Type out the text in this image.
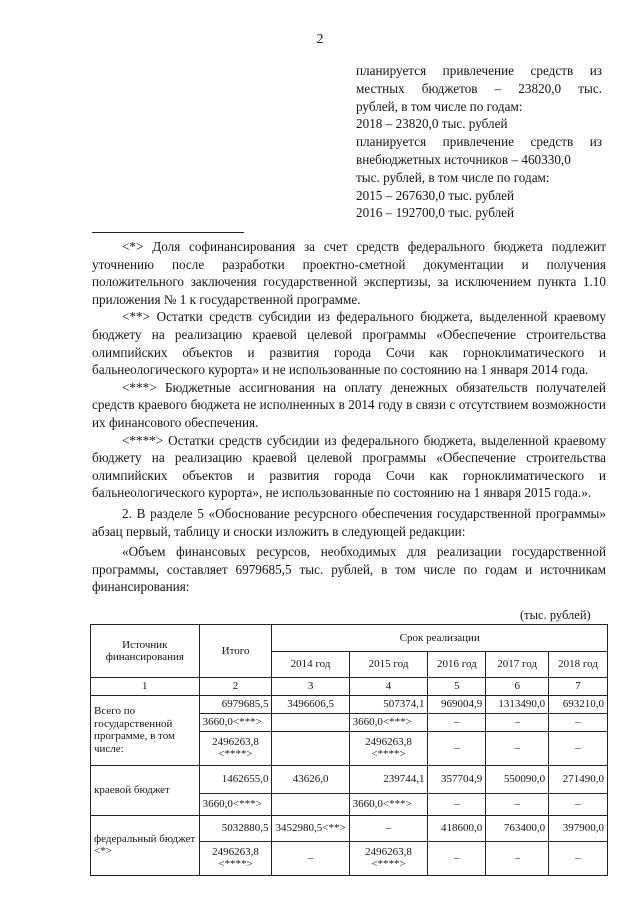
2
планируется привлечение средств из
местных бюджетов – 23820,0 тыс.
рублей, в том числе по годам:
2018 – 23820,0 тыс. рублей
планируется привлечение средств из
внебюджетных источников – 460330,0
тыс. рублей, в том числе по годам:
2015 – 267630,0 тыс. рублей
2016 – 192700,0 тыс. рублей

<*> Доля софинансирования за счет средств федерального бюджета подлежит уточнению после разработки проектно-сметной документации и получения положительного заключения государственной экспертизы, за исключением пункта 1.10 приложения № 1 к государственной программе.

<**> Остатки средств субсидии из федерального бюджета, выделенной краевому бюджету на реализацию краевой целевой программы «Обеспечение строительства олимпийских объектов и развития города Сочи как горноклиматического и бальнеологического курорта» и не использованные по состоянию на 1 января 2014 года.

<***> Бюджетные ассигнования на оплату денежных обязательств получателей средств краевого бюджета не исполненных в 2014 году в связи с отсутствием возможности их финансового обеспечения.

<****> Остатки средств субсидии из федерального бюджета, выделенной краевому бюджету на реализацию краевой целевой программы «Обеспечение строительства олимпийских объектов и развития города Сочи как горноклиматического и бальнеологического курорта», не использованные по состоянию на 1 января 2015 года.».

2. В разделе 5 «Обоснование ресурсного обеспечения государственной программы» абзац первый, таблицу и сноски изложить в следующей редакции:

«Объем финансовых ресурсов, необходимых для реализации государственной программы, составляет 6979685,5 тыс. рублей, в том числе по годам и источникам финансирования:

(тыс. рублей)
Источник финансирования	Итого	Срок реализации				
		2014 год	2015 год	2016 год	2017 год	2018 год
1	2	3	4	5	6	7
Всего по государственной программе, в том числе:	6979685,5	3496606,5	507374,1	969004,9	1313490,0	693210,0
	3660,0<***>		3660,0<***>	–	–	–
	2496263,8 <****>		2496263,8 <****>	–	–	–
краевой бюджет	1462655,0	43626,0	239744,1	357704,9	550090,0	271490,0
	3660,0<***>		3660,0<***>	–	–	–
федеральный бюджет <*>	5032880,5	3452980,5<**>	–	418600,0	763400,0	397900,0
	2496263,8 <****>	–	2496263,8 <****>	–	–	–
